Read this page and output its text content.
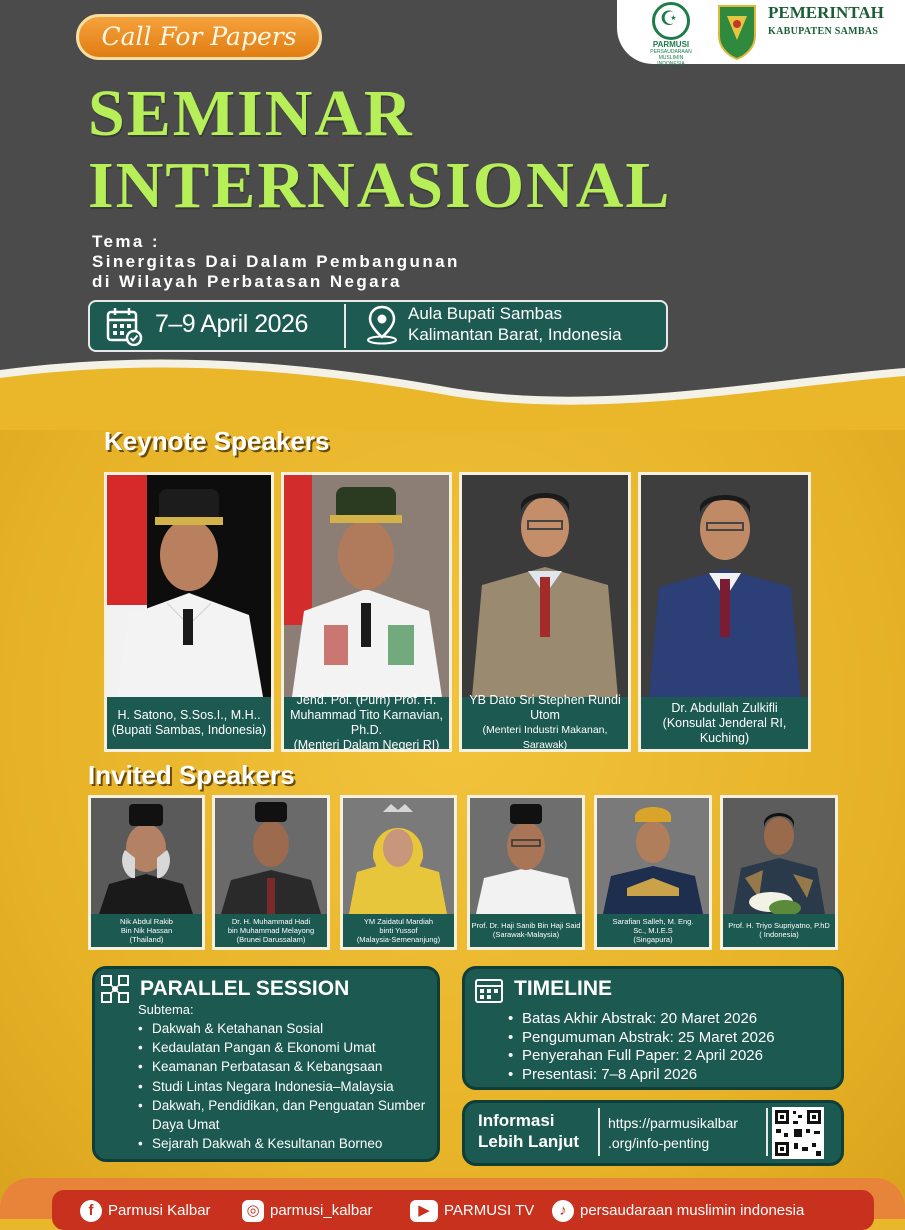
☪
PARMUSI
PERSAUDARAAN
MUSLIMIN
INDONESIA
PEMERINTAH
KABUPATEN SAMBAS
Call For Papers
SEMINAR
INTERNASIONAL
Tema :
Sinergitas Dai Dalam Pembangunan
di Wilayah Perbatasan Negara
7–9 April 2026	Aula Bupati Sambas
Kalimantan Barat, Indonesia
Keynote Speakers
H. Satono, S.Sos.I., M.H..
(Bupati Sambas, Indonesia)
Jend. Pol. (Purn) Prof. H.
Muhammad Tito Karnavian, Ph.D.
(Menteri Dalam Negeri RI)
YB Dato Sri Stephen Rundi Utom
(Menteri Industri Makanan, Sarawak)
Dr. Abdullah Zulkifli
(Konsulat Jenderal RI, Kuching)
Invited Speakers
Nik Abdul Rakib
Bin Nik Hassan
(Thailand)
Dr. H. Muhammad Hadi
bin Muhammad Melayong
(Brunei Darussalam)
YM Zaidatul Mardiah
binti Yussof
(Malaysia-Semenanjung)
Prof. Dr. Haji Sanib Bin Haji Said
(Sarawak-Malaysia)
Sarafian Salleh, M. Eng.
Sc., M.I.E.S
(Singapura)
Prof. H. Triyo Supriyatno, P.hD
( Indonesia)
PARALLEL SESSION
Subtema:
• Dakwah & Ketahanan Sosial
• Kedaulatan Pangan & Ekonomi Umat
• Keamanan Perbatasan & Kebangsaan
• Studi Lintas Negara Indonesia–Malaysia
• Dakwah, Pendidikan, dan Penguatan Sumber Daya Umat
• Sejarah Dakwah & Kesultanan Borneo
TIMELINE
• Batas Akhir Abstrak: 20 Maret 2026
• Pengumuman Abstrak: 25 Maret 2026
• Penyerahan Full Paper: 2 April 2026
• Presentasi: 7–8 April 2026
Informasi
Lebih Lanjut
https://parmusikalbar
.org/info-penting
f Parmusi Kalbar ◎ parmusi_kalbar	▶ PARMUSI TV	♪ persaudaraan muslimin indonesia
